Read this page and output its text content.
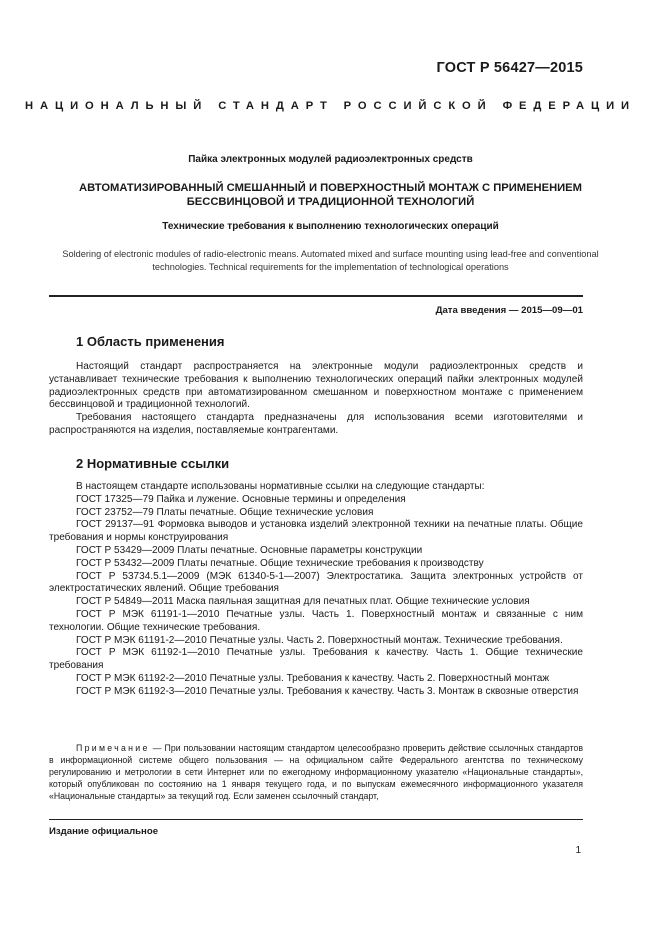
ГОСТ Р 56427—2015
НАЦИОНАЛЬНЫЙ СТАНДАРТ РОССИЙСКОЙ ФЕДЕРАЦИИ
Пайка электронных модулей радиоэлектронных средств
АВТОМАТИЗИРОВАННЫЙ СМЕШАННЫЙ И ПОВЕРХНОСТНЫЙ МОНТАЖ С ПРИМЕНЕНИЕМ
БЕССВИНЦОВОЙ И ТРАДИЦИОННОЙ ТЕХНОЛОГИЙ
Технические требования к выполнению технологических операций
Soldering of electronic modules of radio-electronic means. Automated mixed and surface mounting using lead-free and conventional technologies. Technical requirements for the implementation of technological operations
Дата введения — 2015—09—01
1 Область применения

Настоящий стандарт распространяется на электронные модули радиоэлектронных средств и устанавливает технические требования к выполнению технологических операций пайки электронных модулей радиоэлектронных средств при автоматизированном смешанном и поверхностном монтаже с применением бессвинцовой и традиционной технологий.

Требования настоящего стандарта предназначены для использования всеми изготовителями и распространяются на изделия, поставляемые контрагентами.

2 Нормативные ссылки

В настоящем стандарте использованы нормативные ссылки на следующие стандарты:

ГОСТ 17325—79 Пайка и лужение. Основные термины и определения

ГОСТ 23752—79 Платы печатные. Общие технические условия

ГОСТ 29137—91 Формовка выводов и установка изделий электронной техники на печатные платы. Общие требования и нормы конструирования

ГОСТ Р 53429—2009 Платы печатные. Основные параметры конструкции

ГОСТ Р 53432—2009 Платы печатные. Общие технические требования к производству

ГОСТ Р 53734.5.1—2009 (МЭК 61340-5-1—2007) Электростатика. Защита электронных устройств от электростатических явлений. Общие требования

ГОСТ Р 54849—2011 Маска паяльная защитная для печатных плат. Общие технические условия

ГОСТ Р МЭК 61191-1—2010 Печатные узлы. Часть 1. Поверхностный монтаж и связанные с ним технологии. Общие технические требования.

ГОСТ Р МЭК 61191-2—2010 Печатные узлы. Часть 2. Поверхностный монтаж. Технические требования.

ГОСТ Р МЭК 61192-1—2010 Печатные узлы. Требования к качеству. Часть 1. Общие технические требования

ГОСТ Р МЭК 61192-2—2010 Печатные узлы. Требования к качеству. Часть 2. Поверхностный монтаж

ГОСТ Р МЭК 61192-3—2010 Печатные узлы. Требования к качеству. Часть 3. Монтаж в сквозные отверстия

Примечание — При пользовании настоящим стандартом целесообразно проверить действие ссылочных стандартов в информационной системе общего пользования — на официальном сайте Федерального агентства по техническому регулированию и метрологии в сети Интернет или по ежегодному информационному указателю «Национальные стандарты», который опубликован по состоянию на 1 января текущего года, и по выпускам ежемесячного информационного указателя «Национальные стандарты» за текущий год. Если заменен ссылочный стандарт,

Издание официальное
1
